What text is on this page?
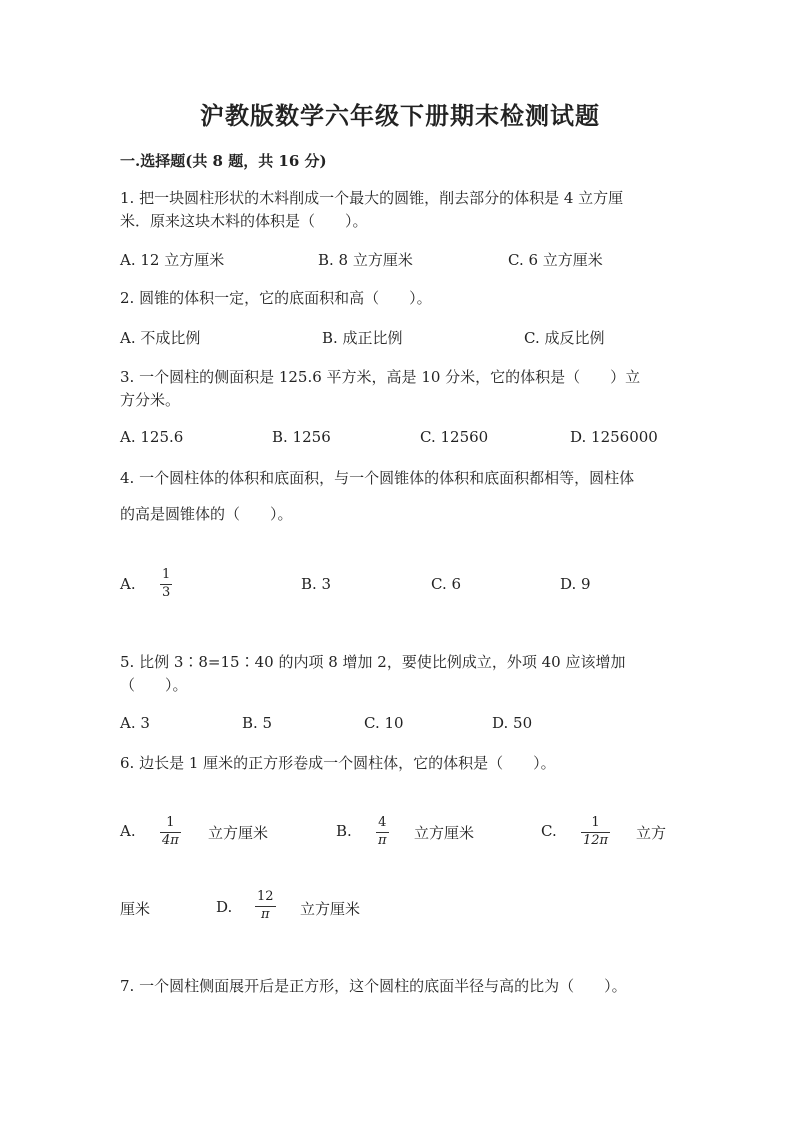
沪教版数学六年级下册期末检测试题
一.选择题(共 8 题，共 16 分)
1. 把一块圆柱形状的木料削成一个最大的圆锥，削去部分的体积是 4 立方厘
米．原来这块木料的体积是（　　）。
A. 12 立方厘米	B. 8 立方厘米	C. 6 立方厘米
2. 圆锥的体积一定，它的底面积和高（　　）。
A. 不成比例	B. 成正比例	C. 成反比例
3. 一个圆柱的侧面积是 125.6 平方米，高是 10 分米，它的体积是（　　）立
方分米。
A. 125.6	B. 1256	C. 12560	D. 1256000
4. 一个圆柱体的体积和底面积，与一个圆锥体的体积和底面积都相等，圆柱体
的高是圆锥体的（　　）。
A.
1
3	B. 3	C. 6	D. 9
5. 比例 3∶8=15∶40 的内项 8 增加 2，要使比例成立，外项 40 应该增加
（　　）。
A. 3	B. 5	C. 10	D. 50
6. 边长是 1 厘米的正方形卷成一个圆柱体，它的体积是（　　）。
A. 1
4π 立方厘米	B. 4
π 立方厘米	C.	1
12π 立方
厘米	D.
12
π 立方厘米
7. 一个圆柱侧面展开后是正方形，这个圆柱的底面半径与高的比为（　　）。
